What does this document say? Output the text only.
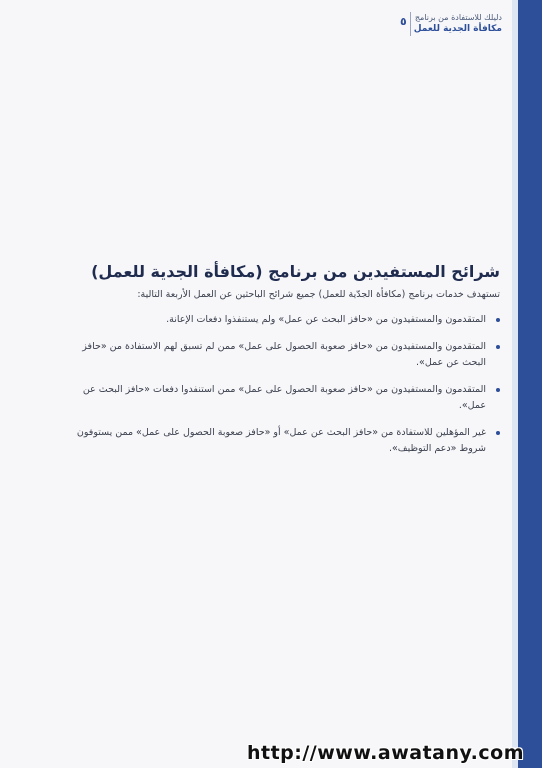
دليلك للاستفادة من برنامج
مكافأة الجدية للعمل
٥
شرائح المستفيدين من برنامج (مكافأة الجدية للعمل)

تستهدف خدمات برنامج (مكافأة الجدّية للعمل) جميع شرائح الباحثين عن العمل الأربعة التالية:

المتقدمون والمستفيدون من «حافز البحث عن عمل» ولم يستنفذوا دفعات الإعانة.
المتقدمون والمستفيدون من «حافز صعوبة الحصول على عمل» ممن لم تسبق لهم الاستفادة من «حافز البحث عن عمل».
المتقدمون والمستفيدون من «حافز صعوبة الحصول على عمل» ممن استنفدوا دفعات «حافز البحث عن عمل».
غير المؤهلين للاستفادة من «حافز البحث عن عمل» أو «حافز صعوبة الحصول على عمل» ممن يستوفون شروط «دعم التوظيف».
http://www.awatany.com
